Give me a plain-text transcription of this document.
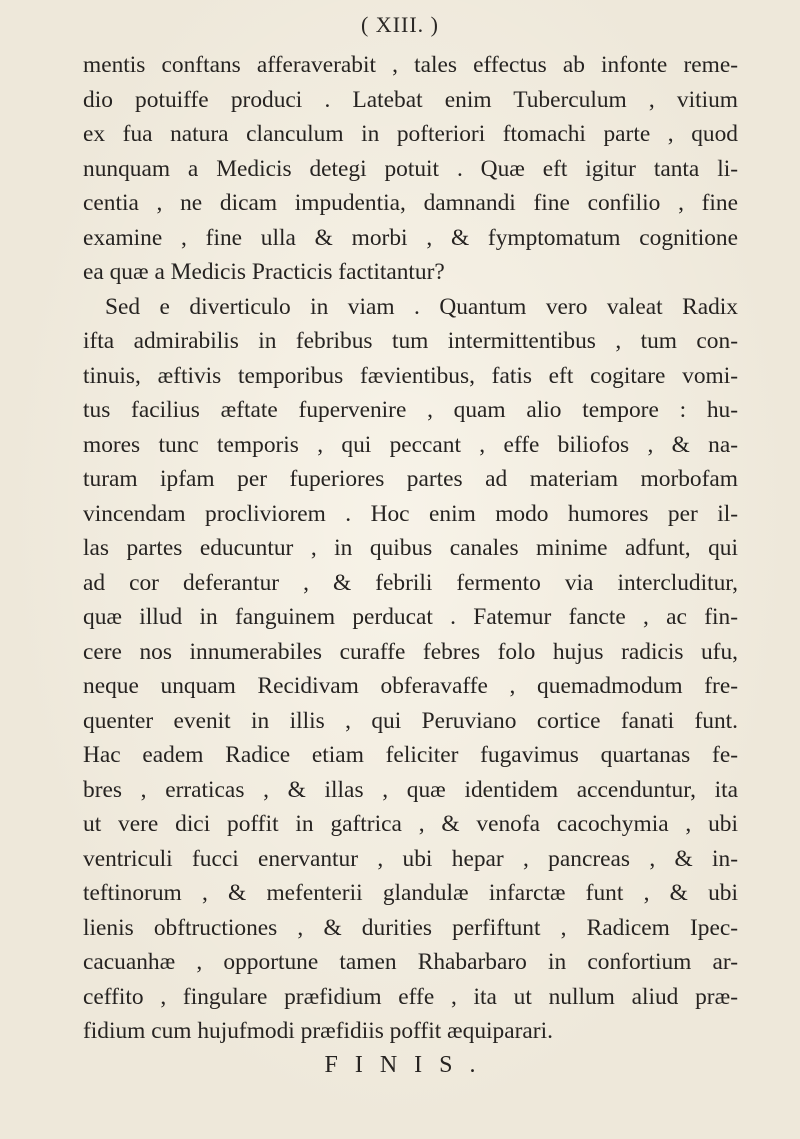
( XIII. )
mentis conftans afferaverabit , tales effectus ab infonte reme-
dio potuiffe produci . Latebat enim Tuberculum , vitium
ex fua natura clanculum in pofteriori ftomachi parte , quod
nunquam a Medicis detegi potuit . Quæ eft igitur tanta li-
centia , ne dicam impudentia, damnandi fine confilio , fine
examine , fine ulla & morbi , & fymptomatum cognitione
ea quæ a Medicis Practicis factitantur?
Sed e diverticulo in viam . Quantum vero valeat Radix
ifta admirabilis in febribus tum intermittentibus , tum con-
tinuis, æftivis temporibus fævientibus, fatis eft cogitare vomi-
tus facilius æftate fupervenire , quam alio tempore : hu-
mores tunc temporis , qui peccant , effe biliofos , & na-
turam ipfam per fuperiores partes ad materiam morbofam
vincendam procliviorem . Hoc enim modo humores per il-
las partes educuntur , in quibus canales minime adfunt, qui
ad cor deferantur , & febrili fermento via intercluditur,
quæ illud in fanguinem perducat . Fatemur fancte , ac fin-
cere nos innumerabiles curaffe febres folo hujus radicis ufu,
neque unquam Recidivam obferavaffe , quemadmodum fre-
quenter evenit in illis , qui Peruviano cortice fanati funt.
Hac eadem Radice etiam feliciter fugavimus quartanas fe-
bres , erraticas , & illas , quæ identidem accenduntur, ita
ut vere dici poffit in gaftrica , & venofa cacochymia , ubi
ventriculi fucci enervantur , ubi hepar , pancreas , & in-
teftinorum , & mefenterii glandulæ infarctæ funt , & ubi
lienis obftructiones , & durities perfiftunt , Radicem Ipec-
cacuanhæ , opportune tamen Rhabarbaro in confortium ar-
ceffito , fingulare præfidium effe , ita ut nullum aliud præ-
fidium cum hujufmodi præfidiis poffit æquiparari.
FINIS.
